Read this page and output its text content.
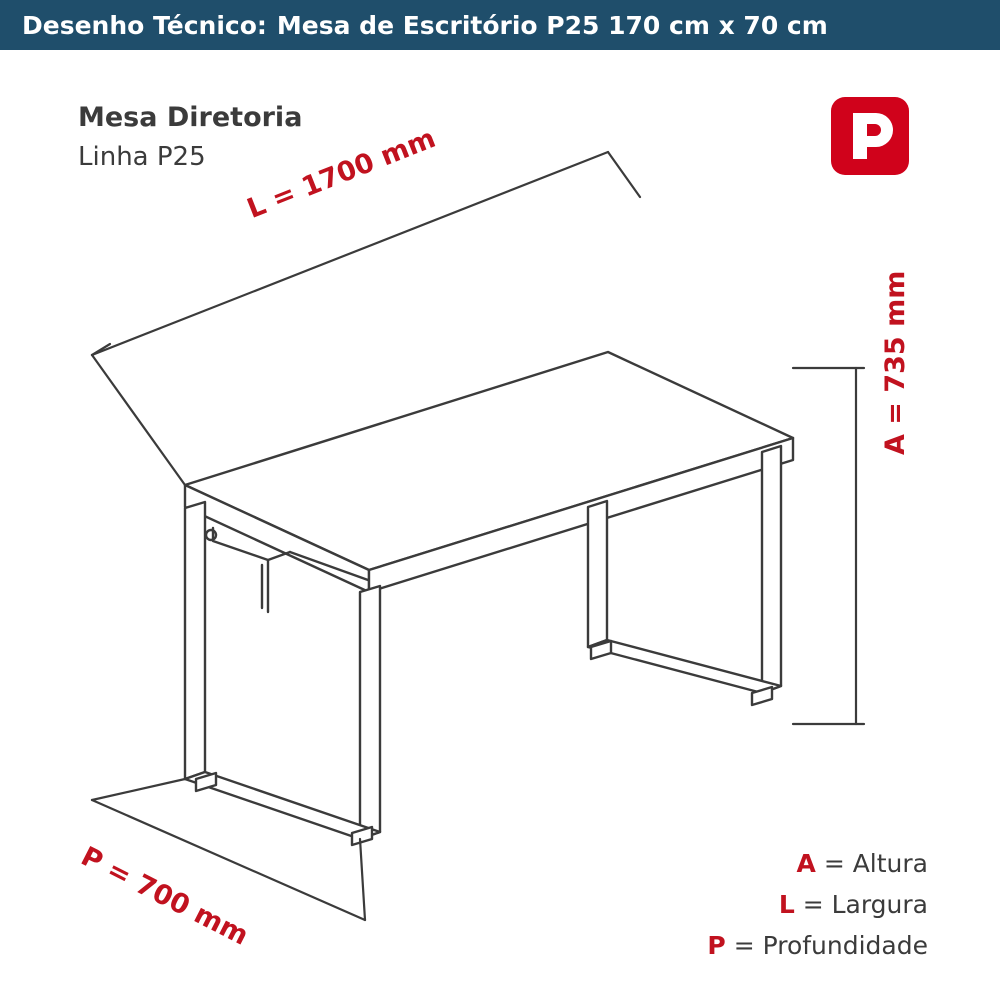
Desenho Técnico: Mesa de Escritório P25 170 cm x 70 cm
Mesa Diretoria
Linha P25 L = 1700 mm
P = 700 mm
A = 735 mm
A = Altura
L = Largura
P = Profundidade
